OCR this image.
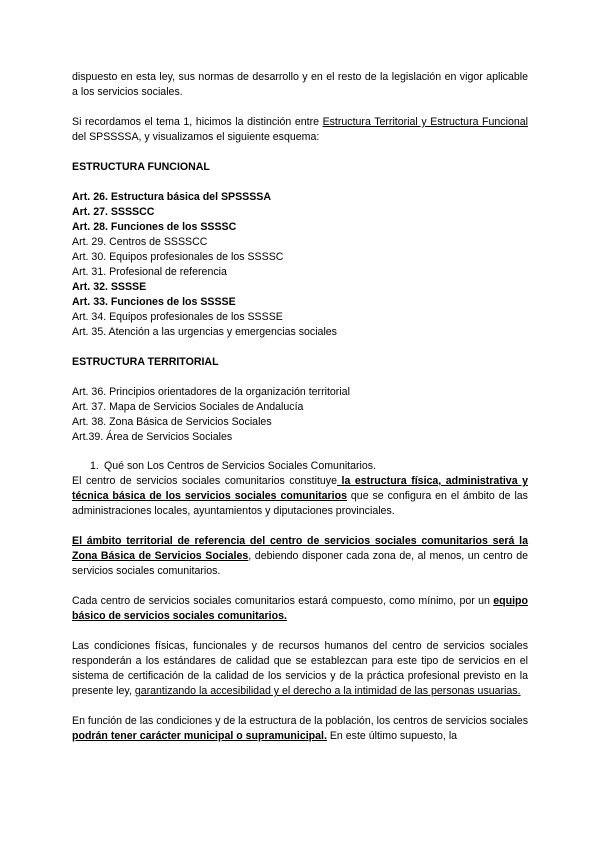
dispuesto en esta ley, sus normas de desarrollo y en el resto de la legislación en vigor aplicable a los servicios sociales.

Si recordamos el tema 1, hicimos la distinción entre Estructura Territorial y Estructura Funcional del SPSSSSA, y visualizamos el siguiente esquema:

ESTRUCTURA FUNCIONAL

Art. 26. Estructura básica del SPSSSSA

Art. 27. SSSSCC

Art. 28. Funciones de los SSSSC

Art. 29. Centros de SSSSCC

Art. 30. Equipos profesionales de los SSSSC

Art. 31. Profesional de referencia

Art. 32. SSSSE

Art. 33. Funciones de los SSSSE

Art. 34. Equipos profesionales de los SSSSE

Art. 35. Atención a las urgencias y emergencias sociales

ESTRUCTURA TERRITORIAL

Art. 36. Principios orientadores de la organización territorial

Art. 37. Mapa de Servicios Sociales de Andalucía

Art. 38. Zona Básica de Servicios Sociales

Art.39. Área de Servicios Sociales

1. Qué son Los Centros de Servicios Sociales Comunitarios.

El centro de servicios sociales comunitarios constituye la estructura física, administrativa y técnica básica de los servicios sociales comunitarios que se configura en el ámbito de las administraciones locales, ayuntamientos y diputaciones provinciales.

El ámbito territorial de referencia del centro de servicios sociales comunitarios será la Zona Básica de Servicios Sociales, debiendo disponer cada zona de, al menos, un centro de servicios sociales comunitarios.

Cada centro de servicios sociales comunitarios estará compuesto, como mínimo, por un equipo básico de servicios sociales comunitarios.

Las condiciones físicas, funcionales y de recursos humanos del centro de servicios sociales responderán a los estándares de calidad que se establezcan para este tipo de servicios en el sistema de certificación de la calidad de los servicios y de la práctica profesional previsto en la presente ley, garantizando la accesibilidad y el derecho a la intimidad de las personas usuarias.

En función de las condiciones y de la estructura de la población, los centros de servicios sociales podrán tener carácter municipal o supramunicipal. En este último supuesto, la
